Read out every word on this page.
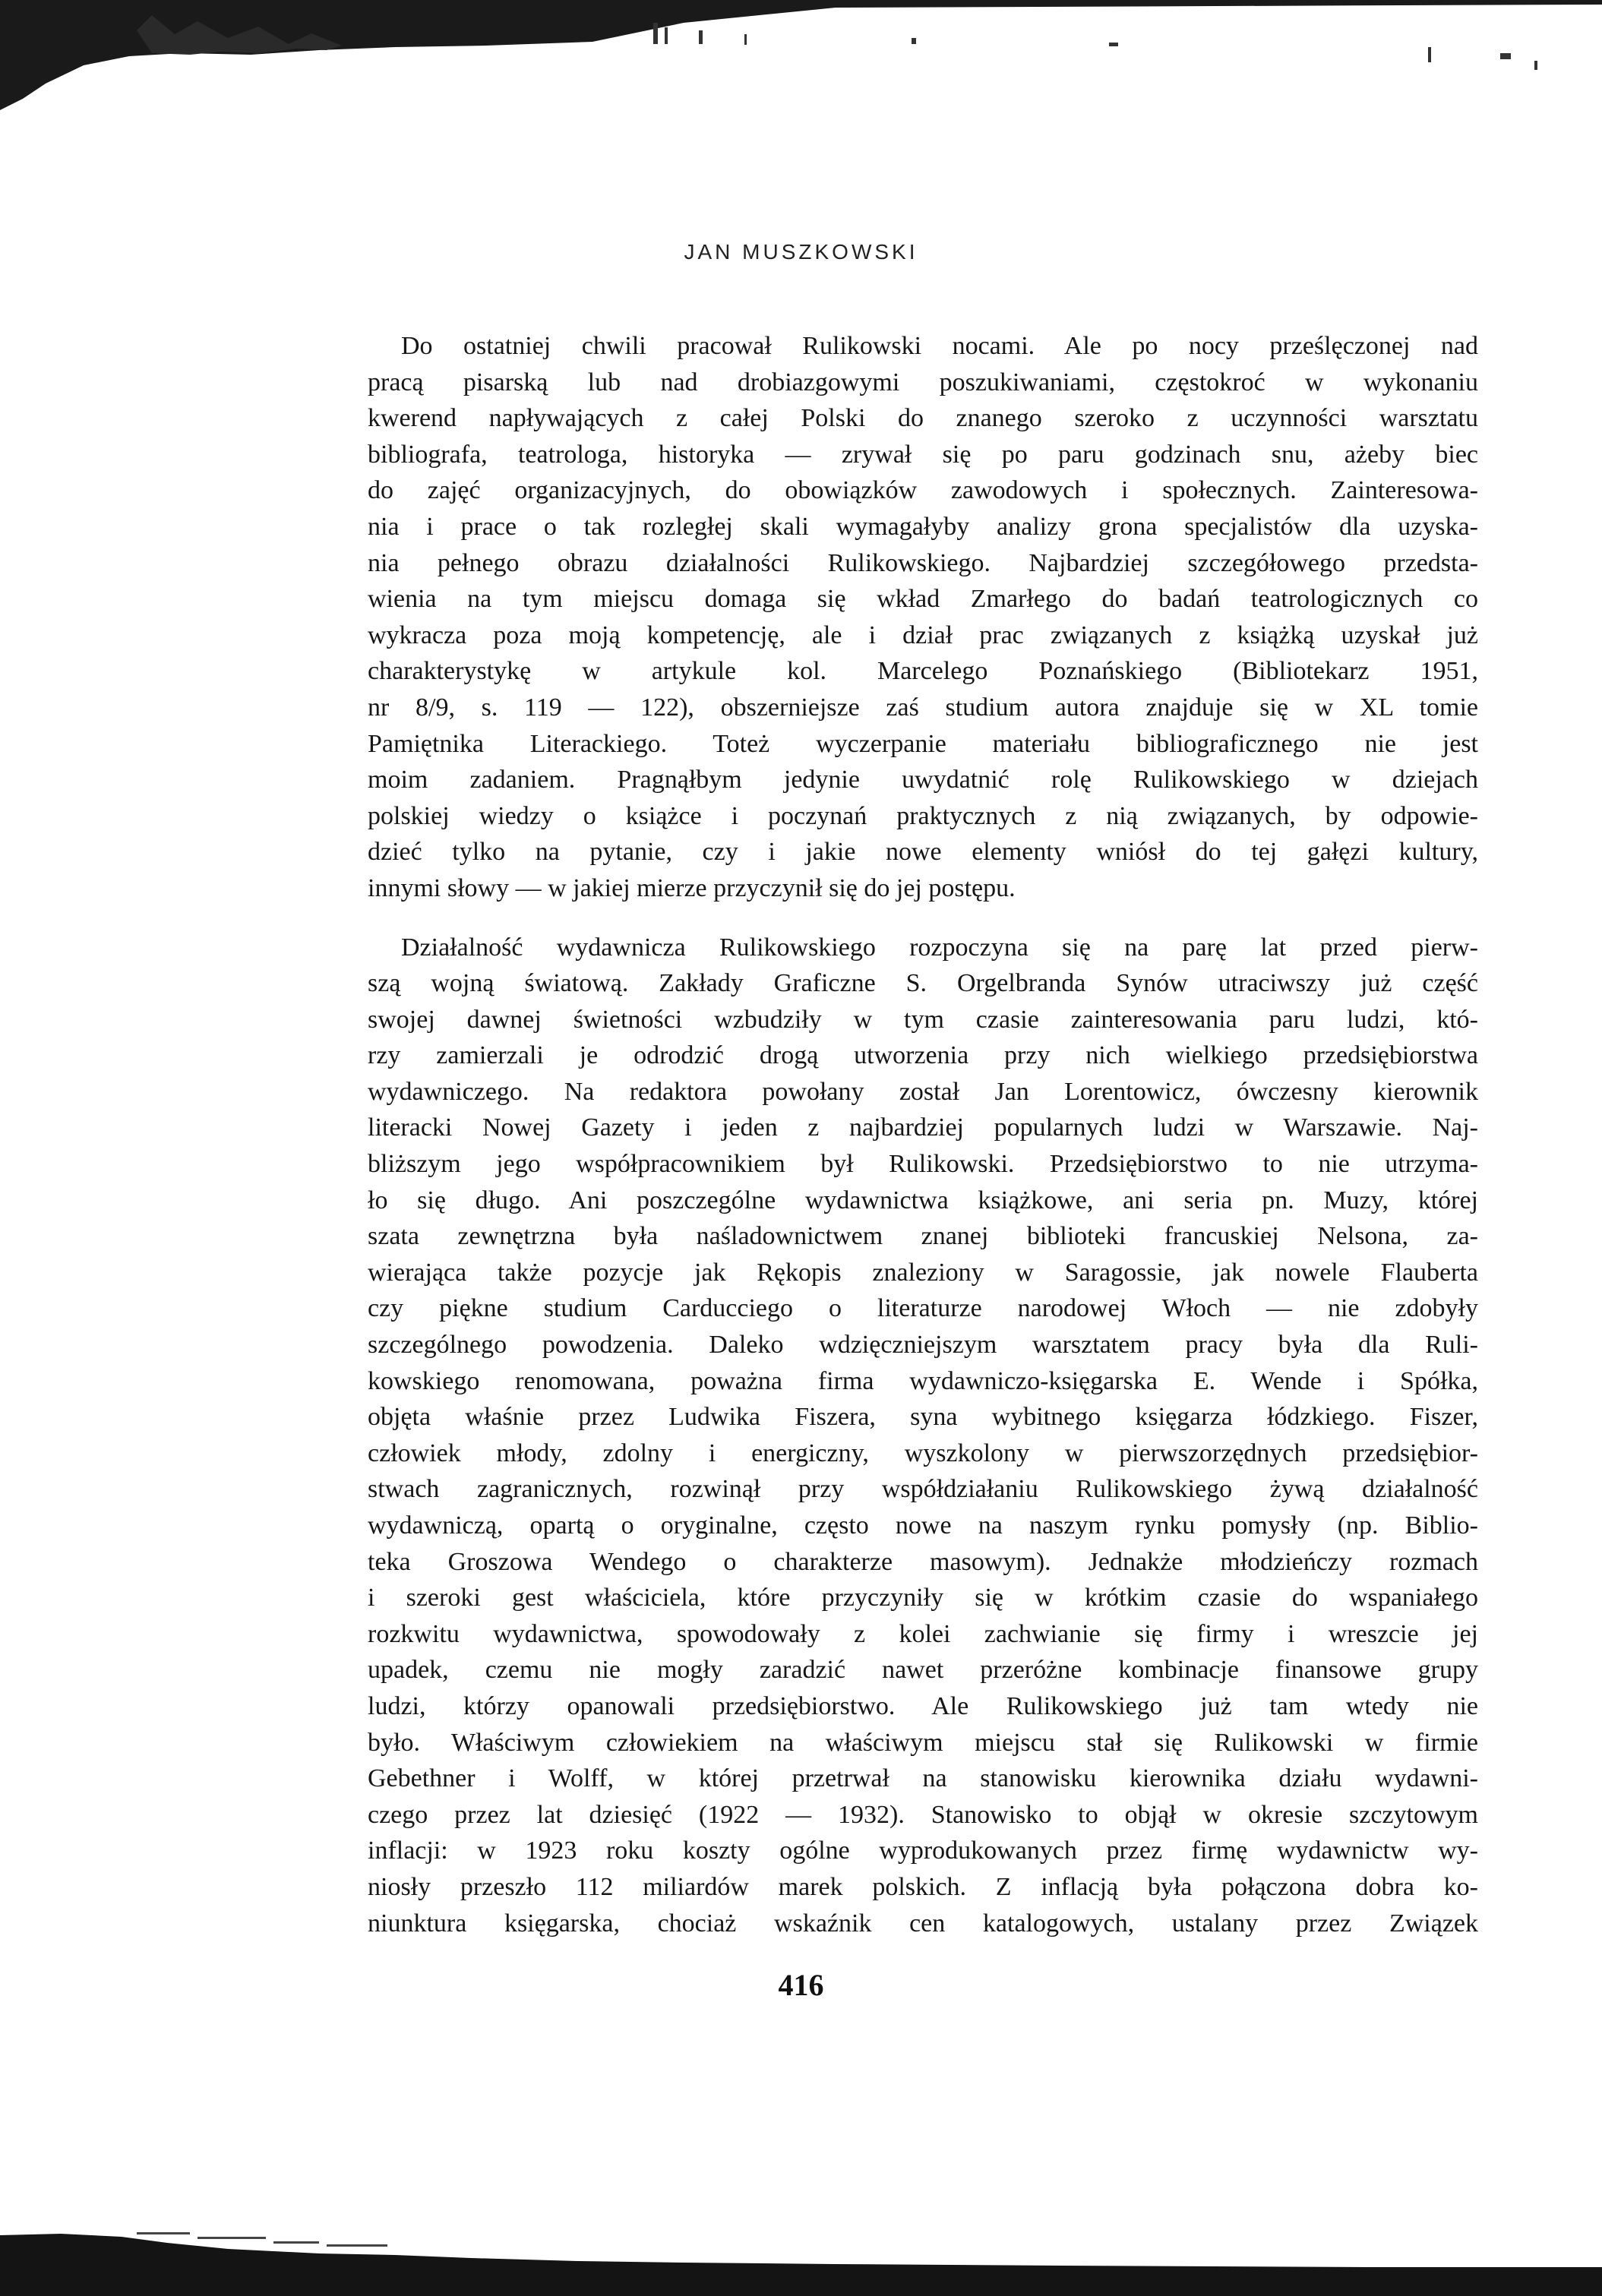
JAN MUSZKOWSKI

Do ostatniej chwili pracował Rulikowski nocami. Ale po nocy prześlęczonej nad
pracą pisarską lub nad drobiazgowymi poszukiwaniami, częstokroć w wykonaniu
kwerend napływających z całej Polski do znanego szeroko z uczynności warsztatu
bibliografa, teatrologa, historyka — zrywał się po paru godzinach snu, ażeby biec
do zajęć organizacyjnych, do obowiązków zawodowych i społecznych. Zainteresowa-
nia i prace o tak rozległej skali wymagałyby analizy grona specjalistów dla uzyska-
nia pełnego obrazu działalności Rulikowskiego. Najbardziej szczegółowego przedsta-
wienia na tym miejscu domaga się wkład Zmarłego do badań teatrologicznych co
wykracza poza moją kompetencję, ale i dział prac związanych z książką uzyskał już
charakterystykę w artykule kol. Marcelego Poznańskiego (Bibliotekarz 1951,
nr 8/9, s. 119 — 122), obszerniejsze zaś studium autora znajduje się w XL tomie
Pamiętnika Literackiego. Toteż wyczerpanie materiału bibliograficznego nie jest
moim zadaniem. Pragnąłbym jedynie uwydatnić rolę Rulikowskiego w dziejach
polskiej wiedzy o książce i poczynań praktycznych z nią związanych, by odpowie-
dzieć tylko na pytanie, czy i jakie nowe elementy wniósł do tej gałęzi kultury,
innymi słowy — w jakiej mierze przyczynił się do jej postępu.

Działalność wydawnicza Rulikowskiego rozpoczyna się na parę lat przed pierw-
szą wojną światową. Zakłady Graficzne S. Orgelbranda Synów utraciwszy już część
swojej dawnej świetności wzbudziły w tym czasie zainteresowania paru ludzi, któ-
rzy zamierzali je odrodzić drogą utworzenia przy nich wielkiego przedsiębiorstwa
wydawniczego. Na redaktora powołany został Jan Lorentowicz, ówczesny kierownik
literacki Nowej Gazety i jeden z najbardziej popularnych ludzi w Warszawie. Naj-
bliższym jego współpracownikiem był Rulikowski. Przedsiębiorstwo to nie utrzyma-
ło się długo. Ani poszczególne wydawnictwa książkowe, ani seria pn. Muzy, której
szata zewnętrzna była naśladownictwem znanej biblioteki francuskiej Nelsona, za-
wierająca także pozycje jak Rękopis znaleziony w Saragossie, jak nowele Flauberta
czy piękne studium Carducciego o literaturze narodowej Włoch — nie zdobyły
szczególnego powodzenia. Daleko wdzięczniejszym warsztatem pracy była dla Ruli-
kowskiego renomowana, poważna firma wydawniczo-księgarska E. Wende i Spółka,
objęta właśnie przez Ludwika Fiszera, syna wybitnego księgarza łódzkiego. Fiszer,
człowiek młody, zdolny i energiczny, wyszkolony w pierwszorzędnych przedsiębior-
stwach zagranicznych, rozwinął przy współdziałaniu Rulikowskiego żywą działalność
wydawniczą, opartą o oryginalne, często nowe na naszym rynku pomysły (np. Biblio-
teka Groszowa Wendego o charakterze masowym). Jednakże młodzieńczy rozmach
i szeroki gest właściciela, które przyczyniły się w krótkim czasie do wspaniałego
rozkwitu wydawnictwa, spowodowały z kolei zachwianie się firmy i wreszcie jej
upadek, czemu nie mogły zaradzić nawet przeróżne kombinacje finansowe grupy
ludzi, którzy opanowali przedsiębiorstwo. Ale Rulikowskiego już tam wtedy nie
było. Właściwym człowiekiem na właściwym miejscu stał się Rulikowski w firmie
Gebethner i Wolff, w której przetrwał na stanowisku kierownika działu wydawni-
czego przez lat dziesięć (1922 — 1932). Stanowisko to objął w okresie szczytowym
inflacji: w 1923 roku koszty ogólne wyprodukowanych przez firmę wydawnictw wy-
niosły przeszło 112 miliardów marek polskich. Z inflacją była połączona dobra ko-
niunktura księgarska, chociaż wskaźnik cen katalogowych, ustalany przez Związek

416
